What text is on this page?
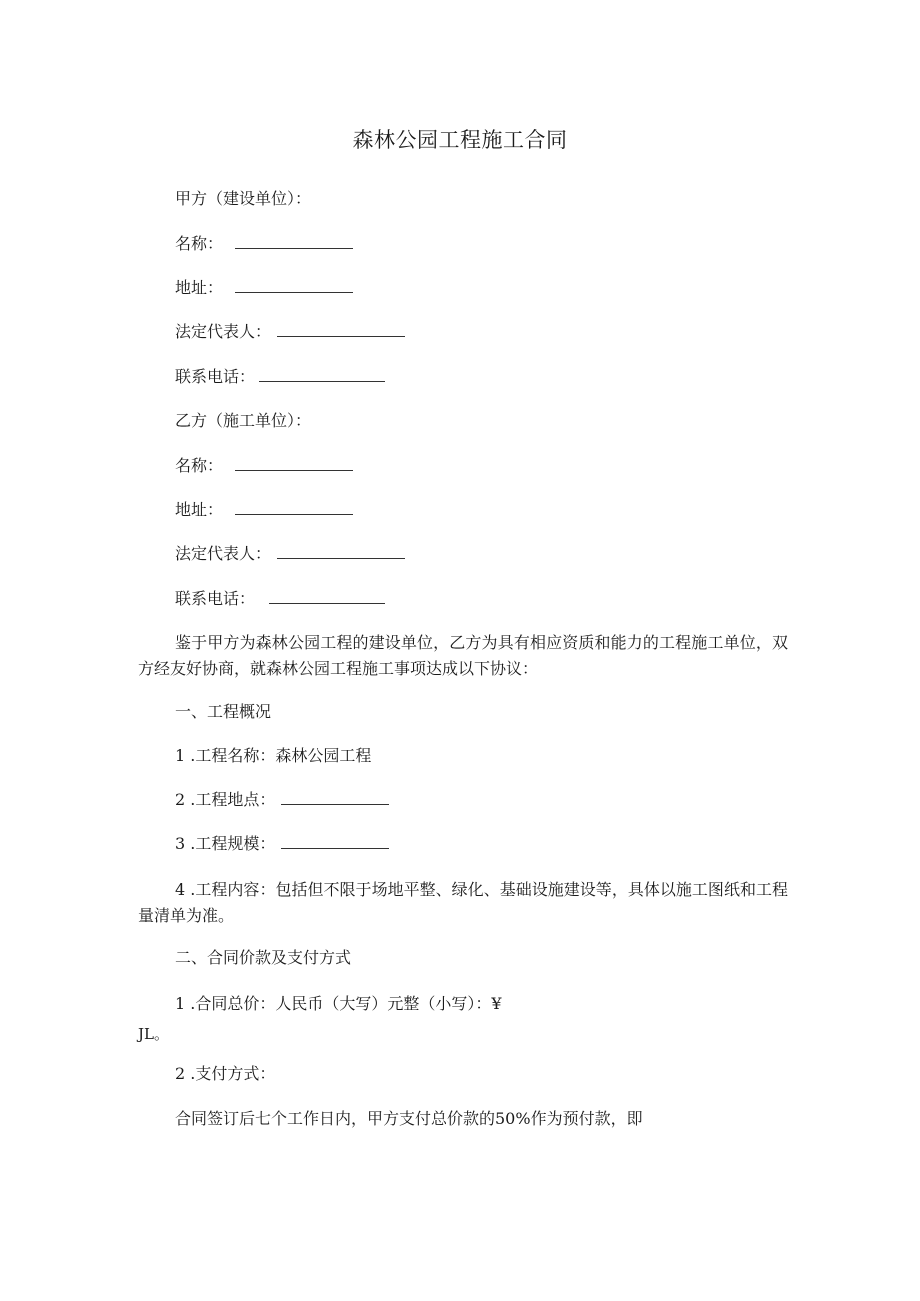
森林公园工程施工合同
甲方（建设单位）：
名称：
地址：
法定代表人：
联系电话：
乙方（施工单位）：
名称：
地址：
法定代表人：
联系电话：
鉴于甲方为森林公园工程的建设单位，乙方为具有相应资质和能力的工程施工单位，双方经友好协商，就森林公园工程施工事项达成以下协议：
一、工程概况
1 .工程名称：森林公园工程
2 .工程地点：
3 .工程规模：
4 .工程内容：包括但不限于场地平整、绿化、基础设施建设等，具体以施工图纸和工程量清单为准。
二、合同价款及支付方式
1 .合同总价：人民币（大写）元整（小写）：¥
JL。
2 .支付方式：
合同签订后七个工作日内，甲方支付总价款的50%作为预付款，即
